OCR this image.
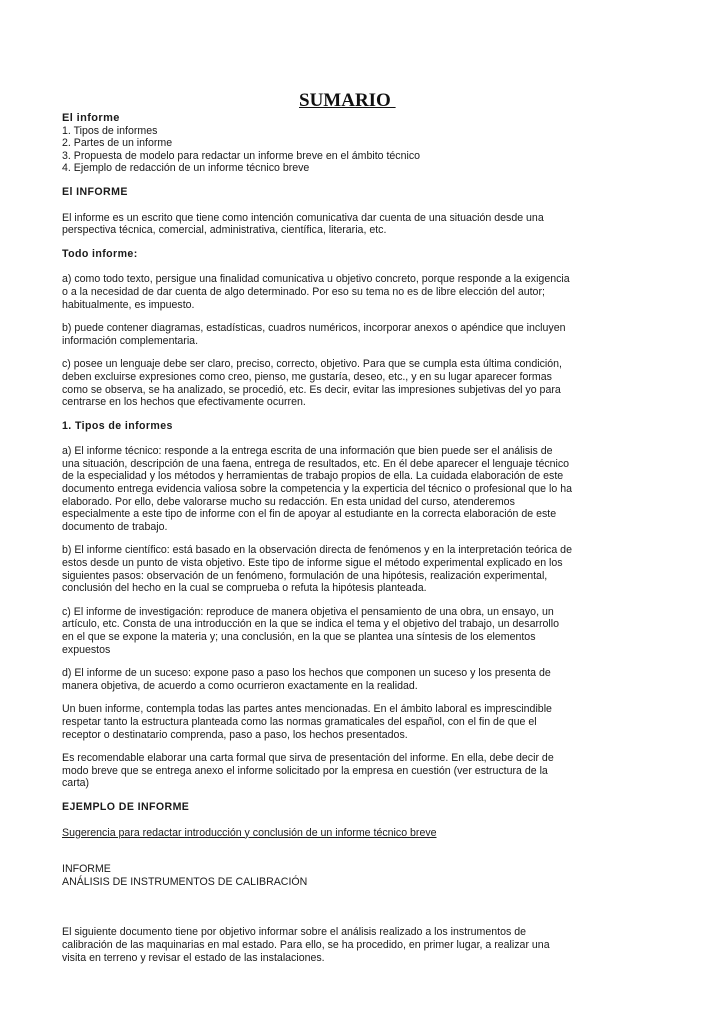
SUMARIO
El informe
1. Tipos de informes
2. Partes de un informe
3. Propuesta de modelo para redactar un informe breve en el ámbito técnico
4. Ejemplo de redacción de un informe técnico breve

El INFORME

El informe es un escrito que tiene como intención comunicativa dar cuenta de una situación desde una perspectiva técnica, comercial, administrativa, científica, literaria, etc.

Todo informe:

a) como todo texto, persigue una finalidad comunicativa u objetivo concreto, porque responde a la exigencia o a la necesidad de dar cuenta de algo determinado. Por eso su tema no es de libre elección del autor; habitualmente, es impuesto.

b) puede contener diagramas, estadísticas, cuadros numéricos, incorporar anexos o apéndice que incluyen información complementaria.

c) posee un lenguaje debe ser claro, preciso, correcto, objetivo. Para que se cumpla esta última condición, deben excluirse expresiones como creo, pienso, me gustaría, deseo, etc., y en su lugar aparecer formas como se observa, se ha analizado, se procedió, etc. Es decir, evitar las impresiones subjetivas del yo para centrarse en los hechos que efectivamente ocurren.

1. Tipos de informes

a) El informe técnico: responde a la entrega escrita de una información que bien puede ser el análisis de una situación, descripción de una faena, entrega de resultados, etc. En él debe aparecer el lenguaje técnico de la especialidad y los métodos y herramientas de trabajo propios de ella. La cuidada elaboración de este documento entrega evidencia valiosa sobre la competencia y la experticia del técnico o profesional que lo ha elaborado. Por ello, debe valorarse mucho su redacción. En esta unidad del curso, atenderemos especialmente a este tipo de informe con el fin de apoyar al estudiante en la correcta elaboración de este documento de trabajo.

b) El informe científico: está basado en la observación directa de fenómenos y en la interpretación teórica de estos desde un punto de vista objetivo. Este tipo de informe sigue el método experimental explicado en los siguientes pasos: observación de un fenómeno, formulación de una hipótesis, realización experimental, conclusión del hecho en la cual se comprueba o refuta la hipótesis planteada.

c) El informe de investigación: reproduce de manera objetiva el pensamiento de una obra, un ensayo, un artículo, etc. Consta de una introducción en la que se indica el tema y el objetivo del trabajo, un desarrollo en el que se expone la materia y; una conclusión, en la que se plantea una síntesis de los elementos expuestos

d) El informe de un suceso: expone paso a paso los hechos que componen un suceso y los presenta de manera objetiva, de acuerdo a como ocurrieron exactamente en la realidad.

Un buen informe, contempla todas las partes antes mencionadas. En el ámbito laboral es imprescindible respetar tanto la estructura planteada como las normas gramaticales del español, con el fin de que el receptor o destinatario comprenda, paso a paso, los hechos presentados.

Es recomendable elaborar una carta formal que sirva de presentación del informe. En ella, debe decir de modo breve que se entrega anexo el informe solicitado por la empresa en cuestión (ver estructura de la carta)

EJEMPLO DE INFORME

Sugerencia para redactar introducción y conclusión de un informe técnico breve

INFORME

ANÁLISIS DE INSTRUMENTOS DE CALIBRACIÓN

El siguiente documento tiene por objetivo informar sobre el análisis realizado a los instrumentos de calibración de las maquinarias en mal estado. Para ello, se ha procedido, en primer lugar, a realizar una visita en terreno y revisar el estado de las instalaciones.
